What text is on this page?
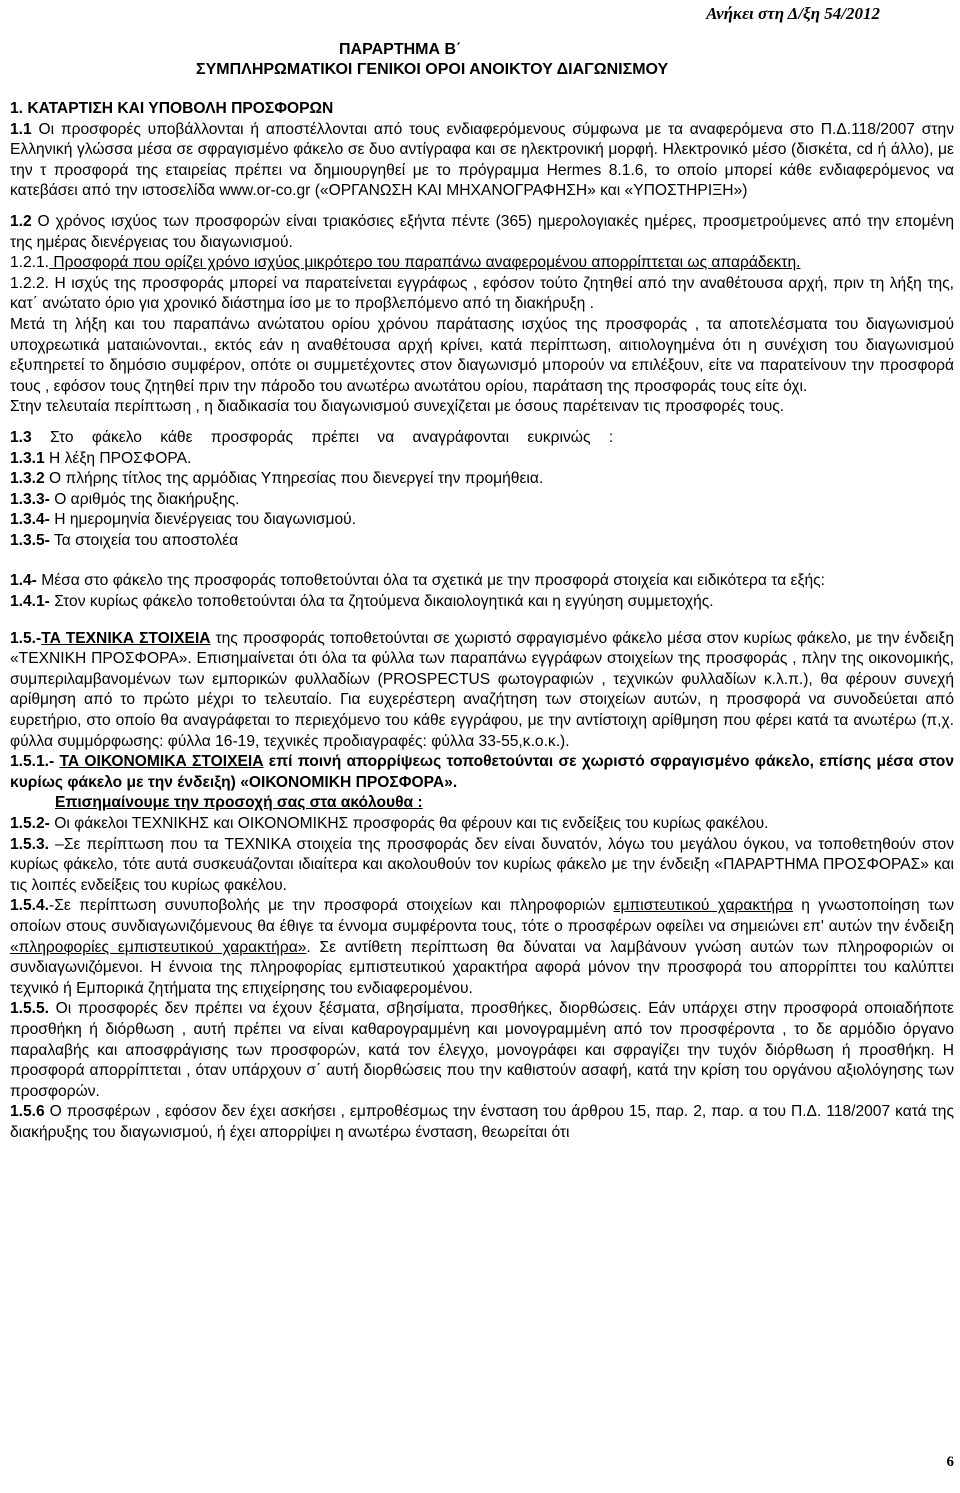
Ανήκει στη Δ/ξη 54/2012
ΠΑΡΑΡΤΗΜΑ Β΄
ΣΥΜΠΛΗΡΩΜΑΤΙΚΟΙ ΓΕΝΙΚΟΙ ΟΡΟΙ ΑΝΟΙΚΤΟΥ ΔΙΑΓΩΝΙΣΜΟΥ

1. ΚΑΤΑΡΤΙΣΗ ΚΑΙ ΥΠΟΒΟΛΗ ΠΡΟΣΦΟΡΩΝ

1.1 Οι προσφορές υποβάλλονται ή αποστέλλονται από τους ενδιαφερόμενους σύμφωνα με τα αναφερόμενα στο Π.Δ.118/2007 στην Ελληνική γλώσσα μέσα σε σφραγισμένο φάκελο σε δυο αντίγραφα και σε ηλεκτρονική μορφή. Ηλεκτρονικό μέσο (δισκέτα, cd ή άλλο), με την τ προσφορά της εταιρείας πρέπει να δημιουργηθεί με το πρόγραμμα Hermes 8.1.6, το οποίο μπορεί κάθε ενδιαφερόμενος να κατεβάσει από την ιστοσελίδα www.or-co.gr («ΟΡΓΑΝΩΣΗ ΚΑΙ ΜΗΧΑΝΟΓΡΑΦΗΣΗ» και «ΥΠΟΣΤΗΡΙΞΗ»)

1.2 Ο χρόνος ισχύος των προσφορών είναι τριακόσιες εξήντα πέντε (365) ημερολογιακές ημέρες, προσμετρούμενες από την επομένη της ημέρας διενέργειας του διαγωνισμού.

1.2.1. Προσφορά που ορίζει χρόνο ισχύος μικρότερο του παραπάνω αναφερομένου απορρίπτεται ως απαράδεκτη.

1.2.2. Η ισχύς της προσφοράς μπορεί να παρατείνεται εγγράφως , εφόσον τούτο ζητηθεί από την αναθέτουσα αρχή, πριν τη λήξη της, κατ΄ ανώτατο όριο για χρονικό διάστημα ίσο με το προβλεπόμενο από τη διακήρυξη .

Μετά τη λήξη και του παραπάνω ανώτατου ορίου χρόνου παράτασης ισχύος της προσφοράς , τα αποτελέσματα του διαγωνισμού υποχρεωτικά ματαιώνονται., εκτός εάν η αναθέτουσα αρχή κρίνει, κατά περίπτωση, αιτιολογημένα ότι η συνέχιση του διαγωνισμού εξυπηρετεί το δημόσιο συμφέρον, οπότε οι συμμετέχοντες στον διαγωνισμό μπορούν να επιλέξουν, είτε να παρατείνουν την προσφορά τους , εφόσον τους ζητηθεί πριν την πάροδο του ανωτέρω ανωτάτου ορίου, παράταση της προσφοράς τους είτε όχι.

Στην τελευταία περίπτωση , η διαδικασία του διαγωνισμού συνεχίζεται με όσους παρέτειναν τις προσφορές τους.

1.3 Στο φάκελο κάθε προσφοράς πρέπει να αναγράφονται ευκρινώς :

1.3.1 Η λέξη ΠΡΟΣΦΟΡΑ.

1.3.2 Ο πλήρης τίτλος της αρμόδιας Υπηρεσίας που διενεργεί την προμήθεια.

1.3.3- Ο αριθμός της διακήρυξης.

1.3.4- Η ημερομηνία διενέργειας του διαγωνισμού.

1.3.5- Τα στοιχεία του αποστολέα

1.4- Μέσα στο φάκελο της προσφοράς τοποθετούνται όλα τα σχετικά με την προσφορά στοιχεία και ειδικότερα τα εξής:

1.4.1- Στον κυρίως φάκελο τοποθετούνται όλα τα ζητούμενα δικαιολογητικά και η εγγύηση συμμετοχής.

1.5.-ΤΑ ΤΕΧΝΙΚΑ ΣΤΟΙΧΕΙΑ της προσφοράς τοποθετούνται σε χωριστό σφραγισμένο φάκελο μέσα στον κυρίως φάκελο, με την ένδειξη «ΤΕΧΝΙΚΗ ΠΡΟΣΦΟΡΑ». Επισημαίνεται ότι όλα τα φύλλα των παραπάνω εγγράφων στοιχείων της προσφοράς , πλην της οικονομικής, συμπεριλαμβανομένων των εμπορικών φυλλαδίων (PROSPECTUS φωτογραφιών , τεχνικών φυλλαδίων κ.λ.π.), θα φέρουν συνεχή αρίθμηση από το πρώτο μέχρι το τελευταίο. Για ευχερέστερη αναζήτηση των στοιχείων αυτών, η προσφορά να συνοδεύεται από ευρετήριο, στο οποίο θα αναγράφεται το περιεχόμενο του κάθε εγγράφου, με την αντίστοιχη αρίθμηση που φέρει κατά τα ανωτέρω (π,χ. φύλλα συμμόρφωσης: φύλλα 16-19, τεχνικές προδιαγραφές: φύλλα 33-55,κ.ο.κ.).

1.5.1.- ΤΑ ΟΙΚΟΝΟΜΙΚΑ ΣΤΟΙΧΕΙΑ επί ποινή απορρίψεως τοποθετούνται σε χωριστό σφραγισμένο φάκελο, επίσης μέσα στον κυρίως φάκελο με την ένδειξη) «ΟΙΚΟΝΟΜΙΚΗ ΠΡΟΣΦΟΡΑ».

Επισημαίνουμε την προσοχή σας στα ακόλουθα :

1.5.2- Οι φάκελοι ΤΕΧΝΙΚΗΣ και ΟΙΚΟΝΟΜΙΚΗΣ προσφοράς θα φέρουν και τις ενδείξεις του κυρίως φακέλου.

1.5.3. –Σε περίπτωση που τα ΤΕΧΝΙΚΑ στοιχεία της προσφοράς δεν είναι δυνατόν, λόγω του μεγάλου όγκου, να τοποθετηθούν στον κυρίως φάκελο, τότε αυτά συσκευάζονται ιδιαίτερα και ακολουθούν τον κυρίως φάκελο με την ένδειξη «ΠΑΡΑΡΤΗΜΑ ΠΡΟΣΦΟΡΑΣ» και τις λοιπές ενδείξεις του κυρίως φακέλου.

1.5.4.-Σε περίπτωση συνυποβολής με την προσφορά στοιχείων και πληροφοριών εμπιστευτικού χαρακτήρα η γνωστοποίηση των οποίων στους συνδιαγωνιζόμενους θα έθιγε τα έννομα συμφέροντα τους, τότε ο προσφέρων οφείλει να σημειώνει επ' αυτών την ένδειξη «πληροφορίες εμπιστευτικού χαρακτήρα». Σε αντίθετη περίπτωση θα δύναται να λαμβάνουν γνώση αυτών των πληροφοριών οι συνδιαγωνιζόμενοι. Η έννοια της πληροφορίας εμπιστευτικού χαρακτήρα αφορά μόνον την προσφορά του απορρίπτει του καλύπτει τεχνικό ή Εμπορικά ζητήματα της επιχείρησης του ενδιαφερομένου.

1.5.5. Οι προσφορές δεν πρέπει να έχουν ξέσματα, σβησίματα, προσθήκες, διορθώσεις. Εάν υπάρχει στην προσφορά οποιαδήποτε προσθήκη ή διόρθωση , αυτή πρέπει να είναι καθαρογραμμένη και μονογραμμένη από τον προσφέροντα , το δε αρμόδιο όργανο παραλαβής και αποσφράγισης των προσφορών, κατά τον έλεγχο, μονογράφει και σφραγίζει την τυχόν διόρθωση ή προσθήκη. Η προσφορά απορρίπτεται , όταν υπάρχουν σ΄ αυτή διορθώσεις που την καθιστούν ασαφή, κατά την κρίση του οργάνου αξιολόγησης των προσφορών.

1.5.6 Ο προσφέρων , εφόσον δεν έχει ασκήσει , εμπροθέσμως την ένσταση του άρθρου 15, παρ. 2, παρ. α του Π.Δ. 118/2007 κατά της διακήρυξης του διαγωνισμού, ή έχει απορρίψει η ανωτέρω ένσταση, θεωρείται ότι

6
